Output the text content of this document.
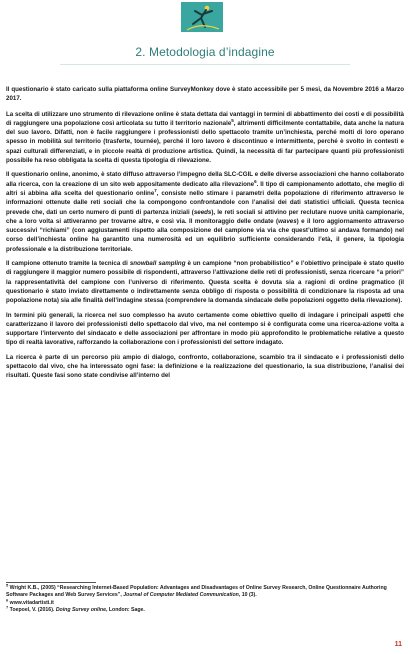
2. Metodologia d’indagine

Il questionario è stato caricato sulla piattaforma online SurveyMonkey dove è stato accessibile per 5 mesi, da Novembre 2016 a Marzo 2017.

La scelta di utilizzare uno strumento di rilevazione online è stata dettata dai vantaggi in termini di abbattimento dei costi e di possibilità di raggiungere una popolazione così articolata su tutto il territorio nazionale$^5$, altrimenti difficilmente contattabile, data anche la natura del suo lavoro. Difatti, non è facile raggiungere i professionisti dello spettacolo tramite un’inchiesta, perché molti di loro operano spesso in mobilità sul territorio (trasferte, tournée), perché il loro lavoro è discontinuo e intermittente, perché è svolto in contesti e spazi culturali differenziati, e in piccole realtà di produzione artistica. Quindi, la necessità di far partecipare quanti più professionisti possibile ha reso obbligata la scelta di questa tipologia di rilevazione.

Il questionario online, anonimo, è stato diffuso attraverso l’impegno della SLC-CGIL e delle diverse associazioni che hanno collaborato alla ricerca, con la creazione di un sito web appositamente dedicato alla rilevazione$^6$. Il tipo di campionamento adottato, che meglio di altri si abbina alla scelta del questionario online$^7$, consiste nello stimare i parametri della popolazione di riferimento attraverso le informazioni ottenute dalle reti sociali che la compongono confrontandole con l’analisi dei dati statistici ufficiali. Questa tecnica prevede che, dati un certo numero di punti di partenza iniziali (seeds), le reti sociali si attivino per reclutare nuove unità campionarie, che a loro volta si attiveranno per trovarne altre, e così via. Il monitoraggio delle ondate (waves) e il loro aggiornamento attraverso successivi “richiami” (con aggiustamenti rispetto alla composizione del campione via via che quest’ultimo si andava formando) nel corso dell’inchiesta online ha garantito una numerosità ed un equilibrio sufficiente considerando l’età, il genere, la tipologia professionale e la distribuzione territoriale.

Il campione ottenuto tramite la tecnica di snowball sampling è un campione “non probabilistico” e l’obiettivo principale è stato quello di raggiungere il maggior numero possibile di rispondenti, attraverso l’attivazione delle reti di professionisti, senza ricercare “a priori” la rappresentatività del campione con l’universo di riferimento. Questa scelta è dovuta sia a ragioni di ordine pragmatico (il questionario è stato inviato direttamente o indirettamente senza obbligo di risposta o possibilità di condizionare la risposta ad una popolazione nota) sia alle finalità dell’indagine stessa (comprendere la domanda sindacale delle popolazioni oggetto della rilevazione).

In termini più generali, la ricerca nel suo complesso ha avuto certamente come obiettivo quello di indagare i principali aspetti che caratterizzano il lavoro dei professionisti dello spettacolo dal vivo, ma nel contempo si è configurata come una ricerca-azione volta a supportare l’intervento del sindacato e delle associazioni per affrontare in modo più approfondito le problematiche relative a questo tipo di realtà lavorative, rafforzando la collaborazione con i professionisti del settore indagato.

La ricerca è parte di un percorso più ampio di dialogo, confronto, collaborazione, scambio tra il sindacato e i professionisti dello spettacolo dal vivo, che ha interessato ogni fase: la definizione e la realizzazione del questionario, la sua distribuzione, l’analisi dei risultati. Queste fasi sono state condivise all’interno del

$^5$ Wright K.B., (2005) “Researching Internet-Based Population: Advantages and Disadvantages of Online Survey Research, Online Questionnaire Authoring Software Packages and Web Survey Services”, Journal of Computer Mediated Communication, 10 (3).
$^6$ www.vitadartisti.it
$^7$ Toepoel, V. (2016). Doing Survey online, London: Sage.
11
